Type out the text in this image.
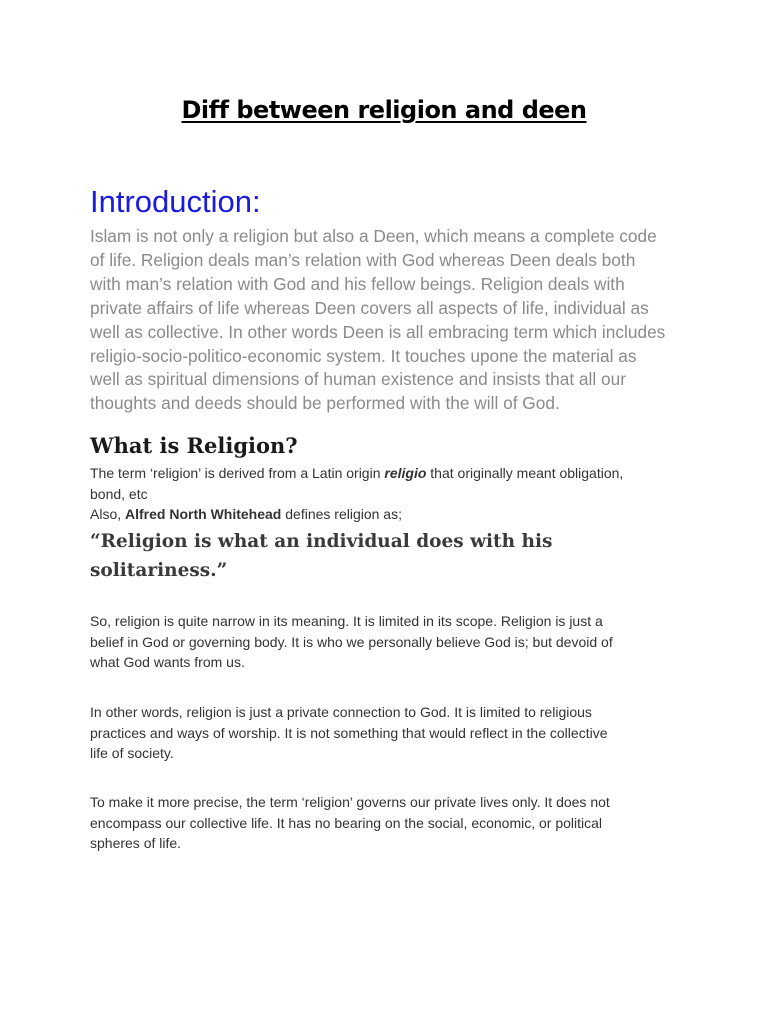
Diff between religion and deen
Introduction:

Islam is not only a religion but also a Deen, which means a complete code
of life. Religion deals man’s relation with God whereas Deen deals both
with man’s relation with God and his fellow beings. Religion deals with
private affairs of life whereas Deen covers all aspects of life, individual as
well as collective. In other words Deen is all embracing term which includes
religio-socio-politico-economic system. It touches upone the material as
well as spiritual dimensions of human existence and insists that all our
thoughts and deeds should be performed with the will of God.

What is Religion?

The term ‘religion’ is derived from a Latin origin religio that originally meant obligation,
bond, etc
Also, Alfred North Whitehead defines religion as;

“Religion is what an individual does with his
solitariness.”

So, religion is quite narrow in its meaning. It is limited in its scope. Religion is just a
belief in God or governing body. It is who we personally believe God is; but devoid of
what God wants from us.

In other words, religion is just a private connection to God. It is limited to religious
practices and ways of worship. It is not something that would reflect in the collective
life of society.

To make it more precise, the term ‘religion’ governs our private lives only. It does not
encompass our collective life. It has no bearing on the social, economic, or political
spheres of life.
